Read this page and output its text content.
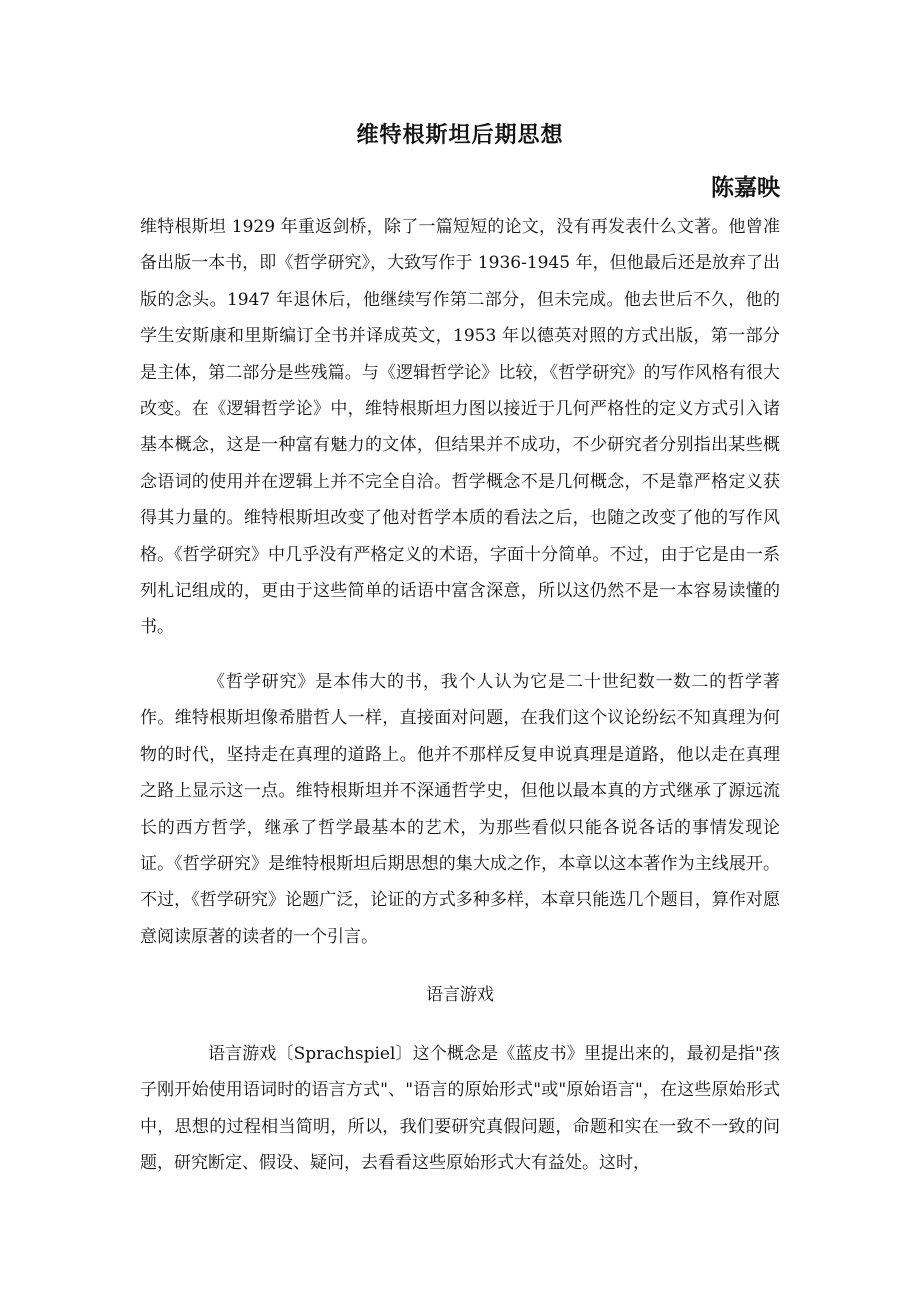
维特根斯坦后期思想
陈嘉映

维特根斯坦 1929 年重返剑桥，除了一篇短短的论文，没有再发表什么文著。他曾准备出版一本书，即《哲学研究》，大致写作于 1936-1945 年，但他最后还是放弃了出版的念头。1947 年退休后，他继续写作第二部分，但未完成。他去世后不久，他的学生安斯康和里斯编订全书并译成英文，1953 年以德英对照的方式出版，第一部分是主体，第二部分是些残篇。与《逻辑哲学论》比较，《哲学研究》的写作风格有很大改变。在《逻辑哲学论》中，维特根斯坦力图以接近于几何严格性的定义方式引入诸基本概念，这是一种富有魅力的文体，但结果并不成功，不少研究者分别指出某些概念语词的使用并在逻辑上并不完全自洽。哲学概念不是几何概念，不是靠严格定义获得其力量的。维特根斯坦改变了他对哲学本质的看法之后，也随之改变了他的写作风格。《哲学研究》中几乎没有严格定义的术语，字面十分简单。不过，由于它是由一系列札记组成的，更由于这些简单的话语中富含深意，所以这仍然不是一本容易读懂的书。

《哲学研究》是本伟大的书，我个人认为它是二十世纪数一数二的哲学著作。维特根斯坦像希腊哲人一样，直接面对问题，在我们这个议论纷纭不知真理为何物的时代，坚持走在真理的道路上。他并不那样反复申说真理是道路，他以走在真理之路上显示这一点。维特根斯坦并不深通哲学史，但他以最本真的方式继承了源远流长的西方哲学，继承了哲学最基本的艺术，为那些看似只能各说各话的事情发现论证。《哲学研究》是维特根斯坦后期思想的集大成之作，本章以这本著作为主线展开。不过，《哲学研究》论题广泛，论证的方式多种多样，本章只能选几个题目，算作对愿意阅读原著的读者的一个引言。

语言游戏

语言游戏〔Sprachspiel〕这个概念是《蓝皮书》里提出来的，最初是指"孩子刚开始使用语词时的语言方式"、"语言的原始形式"或"原始语言"，在这些原始形式中，思想的过程相当简明，所以，我们要研究真假问题，命题和实在一致不一致的问题，研究断定、假设、疑问，去看看这些原始形式大有益处。这时，
